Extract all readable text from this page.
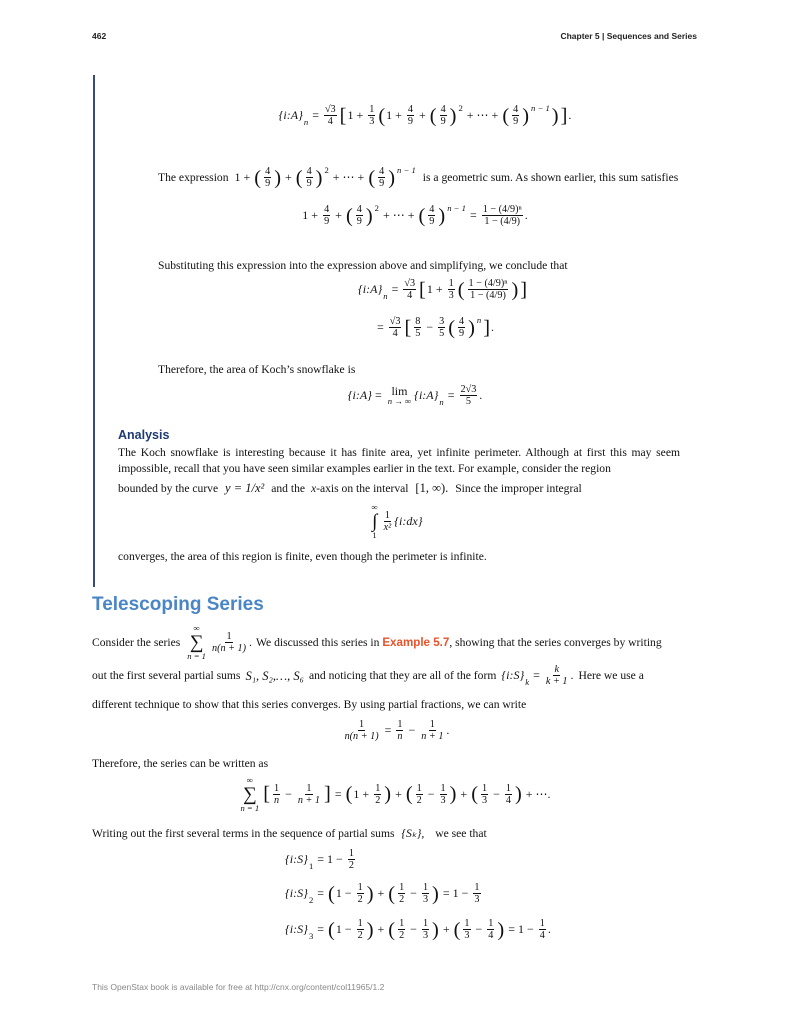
462	Chapter 5 | Sequences and Series
{i:A} $n = \frac{√3}{4}$ [ $1 + \frac{1}{3}$ ( $1 + \frac{4}{9}$ + ( $\frac{4}{9}$ ) 2 + ⋯ + ( $\frac{4}{9}$ ) n − 1 ) ] .
The expression 1 + ( $\frac{4}{9}$ ) + ( $\frac{4}{9}$ ) 2 + ⋯ + ( $\frac{4}{9}$ ) n − 1
is a geometric sum. As shown earlier, this sum satisfies
$1 + \frac{4}{9}$ + ( $\frac{4}{9}$ ) 2 + ⋯ + ( $\frac{4}{9}$ ) $n - 1 = \frac{\text{1 − (4/9)ⁿ}}{1 - (4/9)}$ .
Substituting this expression into the expression above and simplifying, we conclude that
{i:A} $n = \frac{√3}{4}$ [ $1 + \frac{1}{3}$ ( $\frac{\text{1 − (4/9)ⁿ}}{1 - (4/9)}$ ) ]
= $\frac{√3}{4}$ [ $\frac{8}{5} - \frac{3}{5}$ ( $\frac{4}{9}$ ) n ] .
Therefore, the area of Koch’s snowflake is
{i:A} = lim
n → ∞ {i:A} $n = \frac{2√3}{5}$ .
Analysis
The Koch snowflake is interesting because it has finite area, yet infinite perimeter. Although at first this may seem impossible, recall that you have seen similar examples earlier in the text. For example, consider the region
bounded by the curve y = 1/x² and the x-axis on the interval [1, ∞). Since the improper integral
∞
∫
1
$\frac{1}{\text{x²}}$ {i:dx}
converges, the area of this region is finite, even though the perimeter is infinite.
Telescoping Series
Consider the series
∞
∑
n = 1
$\frac{1}{n(n + 1)}$ . We discussed this series in
Example 5.7 , showing that the series converges by writing
out the first several partial sums S₁, S₂,…, S₆ and noticing that they are all of the form {i:S} $k = \frac{k}{k + 1}$ . Here we use a
different technique to show that this series converges. By using partial fractions, we can write
$\frac{1}{n(n + 1)} = \frac{1}{n} - \frac{1}{n + 1}$ .
Therefore, the series can be written as
∞
∑
n = 1
[ $\frac{1}{n} - \frac{1}{n + 1}$ ] = ( $1 + \frac{1}{2}$ ) + ( $\frac{1}{2} - \frac{1}{3}$ ) + ( $\frac{1}{3} - \frac{1}{4}$ ) + ⋯.
Writing out the first several terms in the sequence of partial sums {Sₖ}, we see that
{i:S} $1 = 1 - \frac{1}{2}$
{i:S} 2 = ( $1 - \frac{1}{2}$ ) + ( $\frac{1}{2} - \frac{1}{3}$ ) = $1 - \frac{1}{3}$
{i:S} 3 = ( $1 - \frac{1}{2}$ ) + ( $\frac{1}{2} - \frac{1}{3}$ ) + ( $\frac{1}{3} - \frac{1}{4}$ ) = $1 - \frac{1}{4}$ .
This OpenStax book is available for free at http://cnx.org/content/col11965/1.2
